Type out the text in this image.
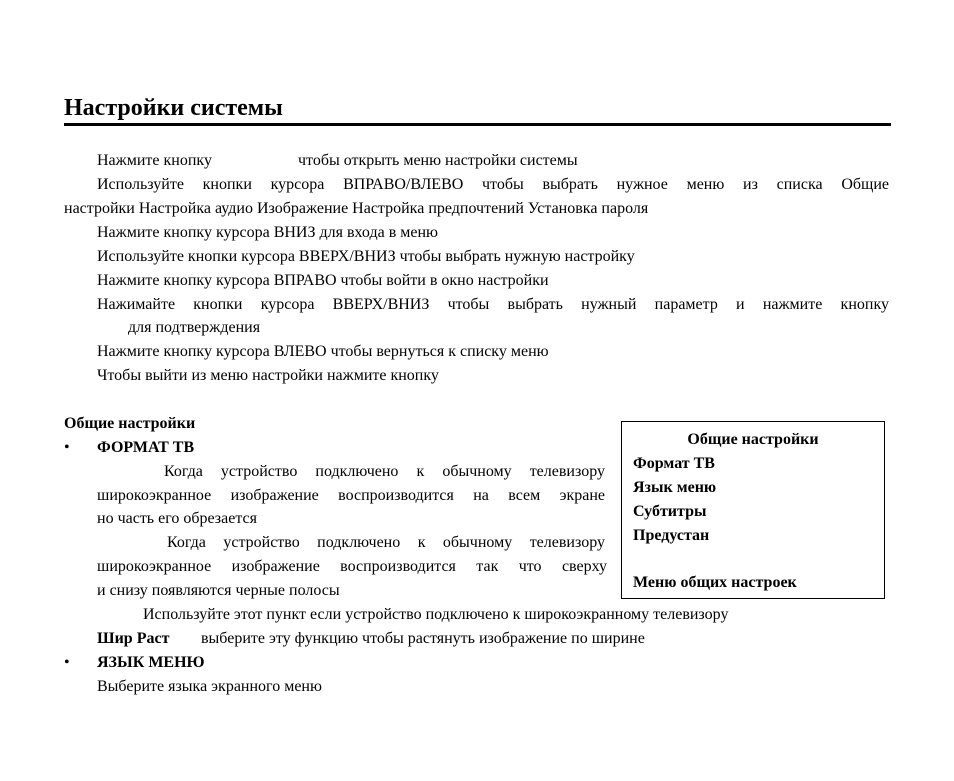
Настройки системы
Нажмите кнопку	чтобы открыть меню настройки системы
Используйте кнопки курсора ВПРАВО/ВЛЕВО чтобы выбрать нужное меню из списка Общие
настройки Настройка аудио Изображение Настройка предпочтений Установка пароля
Нажмите кнопку курсора ВНИЗ для входа в меню
Используйте кнопки курсора ВВЕРХ/ВНИЗ чтобы выбрать нужную настройку
Нажмите кнопку курсора ВПРАВО чтобы войти в окно настройки
Нажимайте кнопки курсора ВВЕРХ/ВНИЗ чтобы выбрать нужный параметр и нажмите кнопку
для подтверждения
Нажмите кнопку курсора ВЛЕВО чтобы вернуться к списку меню
Чтобы выйти из меню настройки нажмите кнопку
Общие настройки
• ФОРМАТ ТВ
Когда устройство подключено к обычному телевизору
широкоэкранное изображение воспроизводится на всем экране
но часть его обрезается
Когда устройство подключено к обычному телевизору
широкоэкранное изображение воспроизводится так что сверху
и снизу появляются черные полосы
Используйте этот пункт если устройство подключено к широкоэкранному телевизору
Шир Раст выберите эту функцию чтобы растянуть изображение по ширине
• ЯЗЫК МЕНЮ
Выберите языка экранного меню
Общие настройки
Формат ТВ
Язык меню
Субтитры
Предустан
Меню общих настроек
